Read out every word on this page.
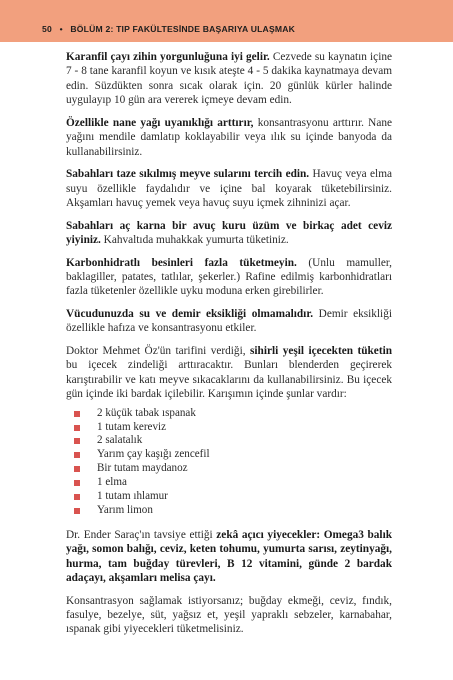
50 • BÖLÜM 2: TIP FAKÜLTESİNDE BAŞARIYA ULAŞMAK

Karanfil çayı zihin yorgunluğuna iyi gelir. Cezvede su kaynatın içine 7 - 8 tane karanfil koyun ve kısık ateşte 4 - 5 dakika kaynatmaya devam edin. Süzdükten sonra sıcak olarak için. 20 günlük kürler halinde uygulayıp 10 gün ara vererek içmeye devam edin.

Özellikle nane yağı uyanıklığı arttırır, konsantrasyonu arttırır. Nane yağını mendile damlatıp koklayabilir veya ılık su içinde banyoda da kullanabilirsiniz.

Sabahları taze sıkılmış meyve sularını tercih edin. Havuç veya elma suyu özellikle faydalıdır ve içine bal koyarak tüketebilirsiniz. Akşamları havuç yemek veya havuç suyu içmek zihninizi açar.

Sabahları aç karna bir avuç kuru üzüm ve birkaç adet ceviz yiyiniz. Kahvaltıda muhakkak yumurta tüketiniz.

Karbonhidratlı besinleri fazla tüketmeyin. (Unlu mamuller, baklagiller, patates, tatlılar, şekerler.) Rafine edilmiş karbonhidratları fazla tüketenler özellikle uyku moduna erken girebilirler.

Vücudunuzda su ve demir eksikliği olmamalıdır. Demir eksikliği özellikle hafıza ve konsantrasyonu etkiler.

Doktor Mehmet Öz'ün tarifini verdiği, sihirli yeşil içecekten tüketin bu içecek zindeliği arttıracaktır. Bunları blenderden geçirerek karıştırabilir ve katı meyve sıkacaklarını da kullanabilirsiniz. Bu içecek gün içinde iki bardak içilebilir. Karışımın içinde şunlar vardır:

2 küçük tabak ıspanak
1 tutam kereviz
2 salatalık
Yarım çay kaşığı zencefil
Bir tutam maydanoz
1 elma
1 tutam ıhlamur
Yarım limon

Dr. Ender Saraç'ın tavsiye ettiği zekâ açıcı yiyecekler: Omega3 balık yağı, somon balığı, ceviz, keten tohumu, yumurta sarısı, zeytinyağı, hurma, tam buğday türevleri, B 12 vitamini, günde 2 bardak adaçayı, akşamları melisa çayı.

Konsantrasyon sağlamak istiyorsanız; buğday ekmeği, ceviz, fındık, fasulye, bezelye, süt, yağsız et, yeşil yapraklı sebzeler, karnabahar, ıspanak gibi yiyecekleri tüketmelisiniz.
